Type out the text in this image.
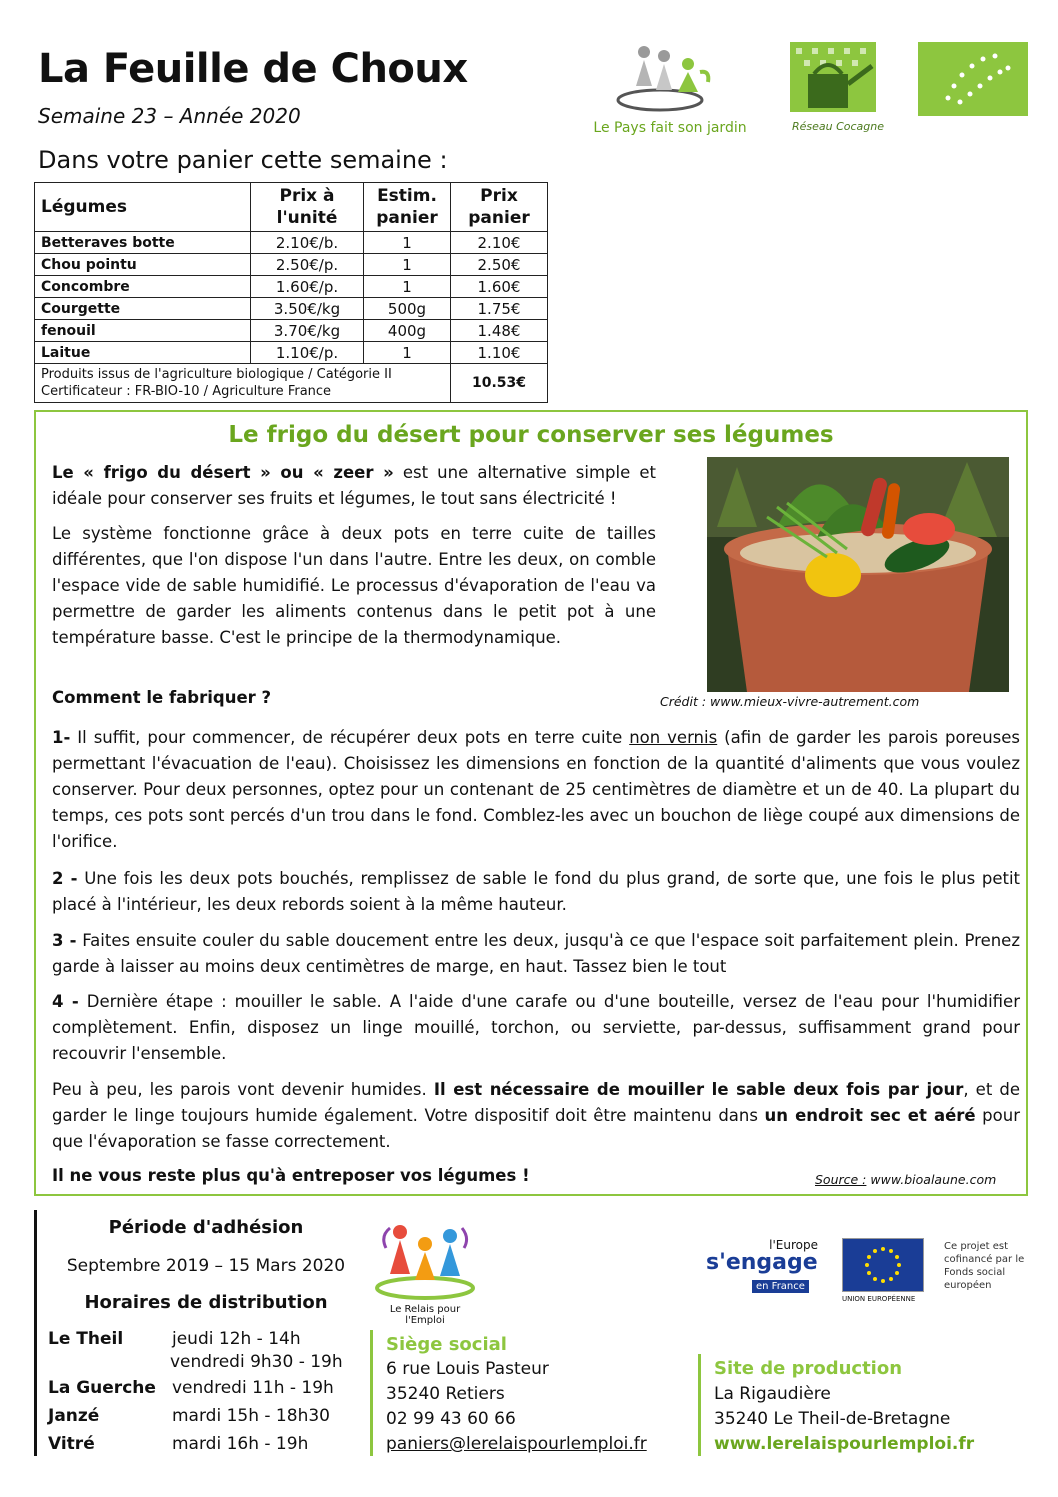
La Feuille de Choux
Semaine 23 – Année 2020
Dans votre panier cette semaine :
Le Pays fait son jardin	Réseau Cocagne
Légumes	Prix à l'unité	Estim. panier	Prix panier
Betteraves botte	2.10€/b.	1	2.10€
Chou pointu	2.50€/p.	1	2.50€
Concombre	1.60€/p.	1	1.60€
Courgette	3.50€/kg	500g	1.75€
fenouil	3.70€/kg	400g	1.48€
Laitue	1.10€/p.	1	1.10€

Produits issus de l'agriculture biologique / Catégorie II
Certificateur : FR-BIO-10 / Agriculture France			10.53€
Le frigo du désert pour conserver ses légumes
Le « frigo du désert » ou « zeer » est une alternative simple et idéale pour conserver ses fruits et légumes, le tout sans électricité !
Le système fonctionne grâce à deux pots en terre cuite de tailles différentes, que l'on dispose l'un dans l'autre. Entre les deux, on comble l'espace vide de sable humidifié. Le processus d'évaporation de l'eau va permettre de garder les aliments contenus dans le petit pot à une température basse. C'est le principe de la thermodynamique.
Comment le fabriquer ?	Crédit : www.mieux-vivre-autrement.com
1- Il suffit, pour commencer, de récupérer deux pots en terre cuite non vernis (afin de garder les parois poreuses permettant l'évacuation de l'eau). Choisissez les dimensions en fonction de la quantité d'aliments que vous voulez conserver. Pour deux personnes, optez pour un contenant de 25 centimètres de diamètre et un de 40. La plupart du temps, ces pots sont percés d'un trou dans le fond. Comblez-les avec un bouchon de liège coupé aux dimensions de l'orifice.
2 - Une fois les deux pots bouchés, remplissez de sable le fond du plus grand, de sorte que, une fois le plus petit placé à l'intérieur, les deux rebords soient à la même hauteur.
3 - Faites ensuite couler du sable doucement entre les deux, jusqu'à ce que l'espace soit parfaitement plein. Prenez garde à laisser au moins deux centimètres de marge, en haut. Tassez bien le tout
4 - Dernière étape : mouiller le sable. A l'aide d'une carafe ou d'une bouteille, versez de l'eau pour l'humidifier complètement. Enfin, disposez un linge mouillé, torchon, ou serviette, par-dessus, suffisamment grand pour recouvrir l'ensemble.
Peu à peu, les parois vont devenir humides. Il est nécessaire de mouiller le sable deux fois par jour, et de garder le linge toujours humide également. Votre dispositif doit être maintenu dans un endroit sec et aéré pour que l'évaporation se fasse correctement.
Il ne vous reste plus qu'à entreposer vos légumes !	Source : www.bioalaune.com
Période d'adhésion
Septembre 2019 – 15 Mars 2020
Horaires de distribution
Le Theil	jeudi 12h - 14h
vendredi 9h30 - 19h
La Guerche vendredi 11h - 19h
Janzé	mardi 15h - 18h30
Vitré	mardi 16h - 19h
Le Relais pour l'Emploi
Siège social
6 rue Louis Pasteur
35240 Retiers
02 99 43 60 66
paniers@lerelaispourlemploi.fr
Site de production
La Rigaudière
35240 Le Theil-de-Bretagne
www.lerelaispourlemploi.fr
l'Europe
s'engage
en France
UNION EUROPÉENNE
Ce projet est cofinancé par le Fonds social européen
